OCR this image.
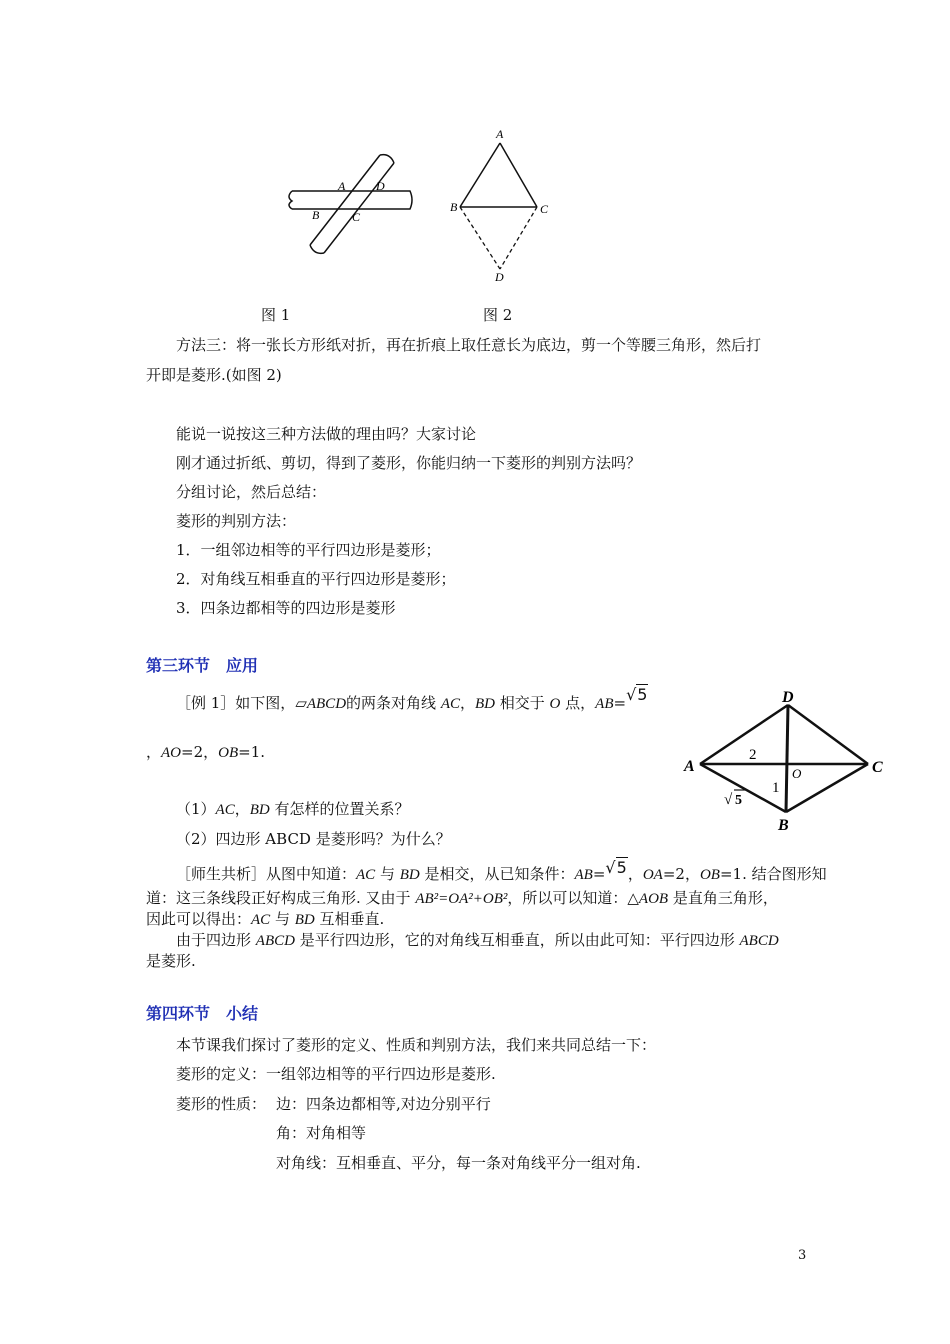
A	D
B	C
A
B	C
D
图 1	图 2
方法三：将一张长方形纸对折，再在折痕上取任意长为底边，剪一个等腰三角形，然后打
开即是菱形.(如图 2)
能说一说按这三种方法做的理由吗？大家讨论
刚才通过折纸、剪切，得到了菱形，你能归纳一下菱形的判别方法吗？
分组讨论，然后总结：
菱形的判别方法：
1．一组邻边相等的平行四边形是菱形；
2．对角线互相垂直的平行四边形是菱形；
3．四条边都相等的四边形是菱形
第三环节　应用
［例 1］如下图，▱ABCD的两条对角线 AC，BD 相交于 O 点，AB=√5
，AO=2，OB=1.
A
D
C
B
O
2
1
√ 5
（1）AC，BD 有怎样的位置关系？
（2）四边形 ABCD 是菱形吗？为什么？
［师生共析］从图中知道：AC 与 BD 是相交，从已知条件：AB=√5，OA=2，OB=1. 结合图形知
道：这三条线段正好构成三角形. 又由于 AB²=OA²+OB²，所以可以知道：△AOB 是直角三角形，
因此可以得出：AC 与 BD 互相垂直.
由于四边形 ABCD 是平行四边形，它的对角线互相垂直，所以由此可知：平行四边形 ABCD
是菱形.
第四环节　小结
本节课我们探讨了菱形的定义、性质和判别方法，我们来共同总结一下：
菱形的定义：一组邻边相等的平行四边形是菱形.
菱形的性质： 边：四条边都相等,对边分别平行
角：对角相等
对角线：互相垂直、平分，每一条对角线平分一组对角.
3
